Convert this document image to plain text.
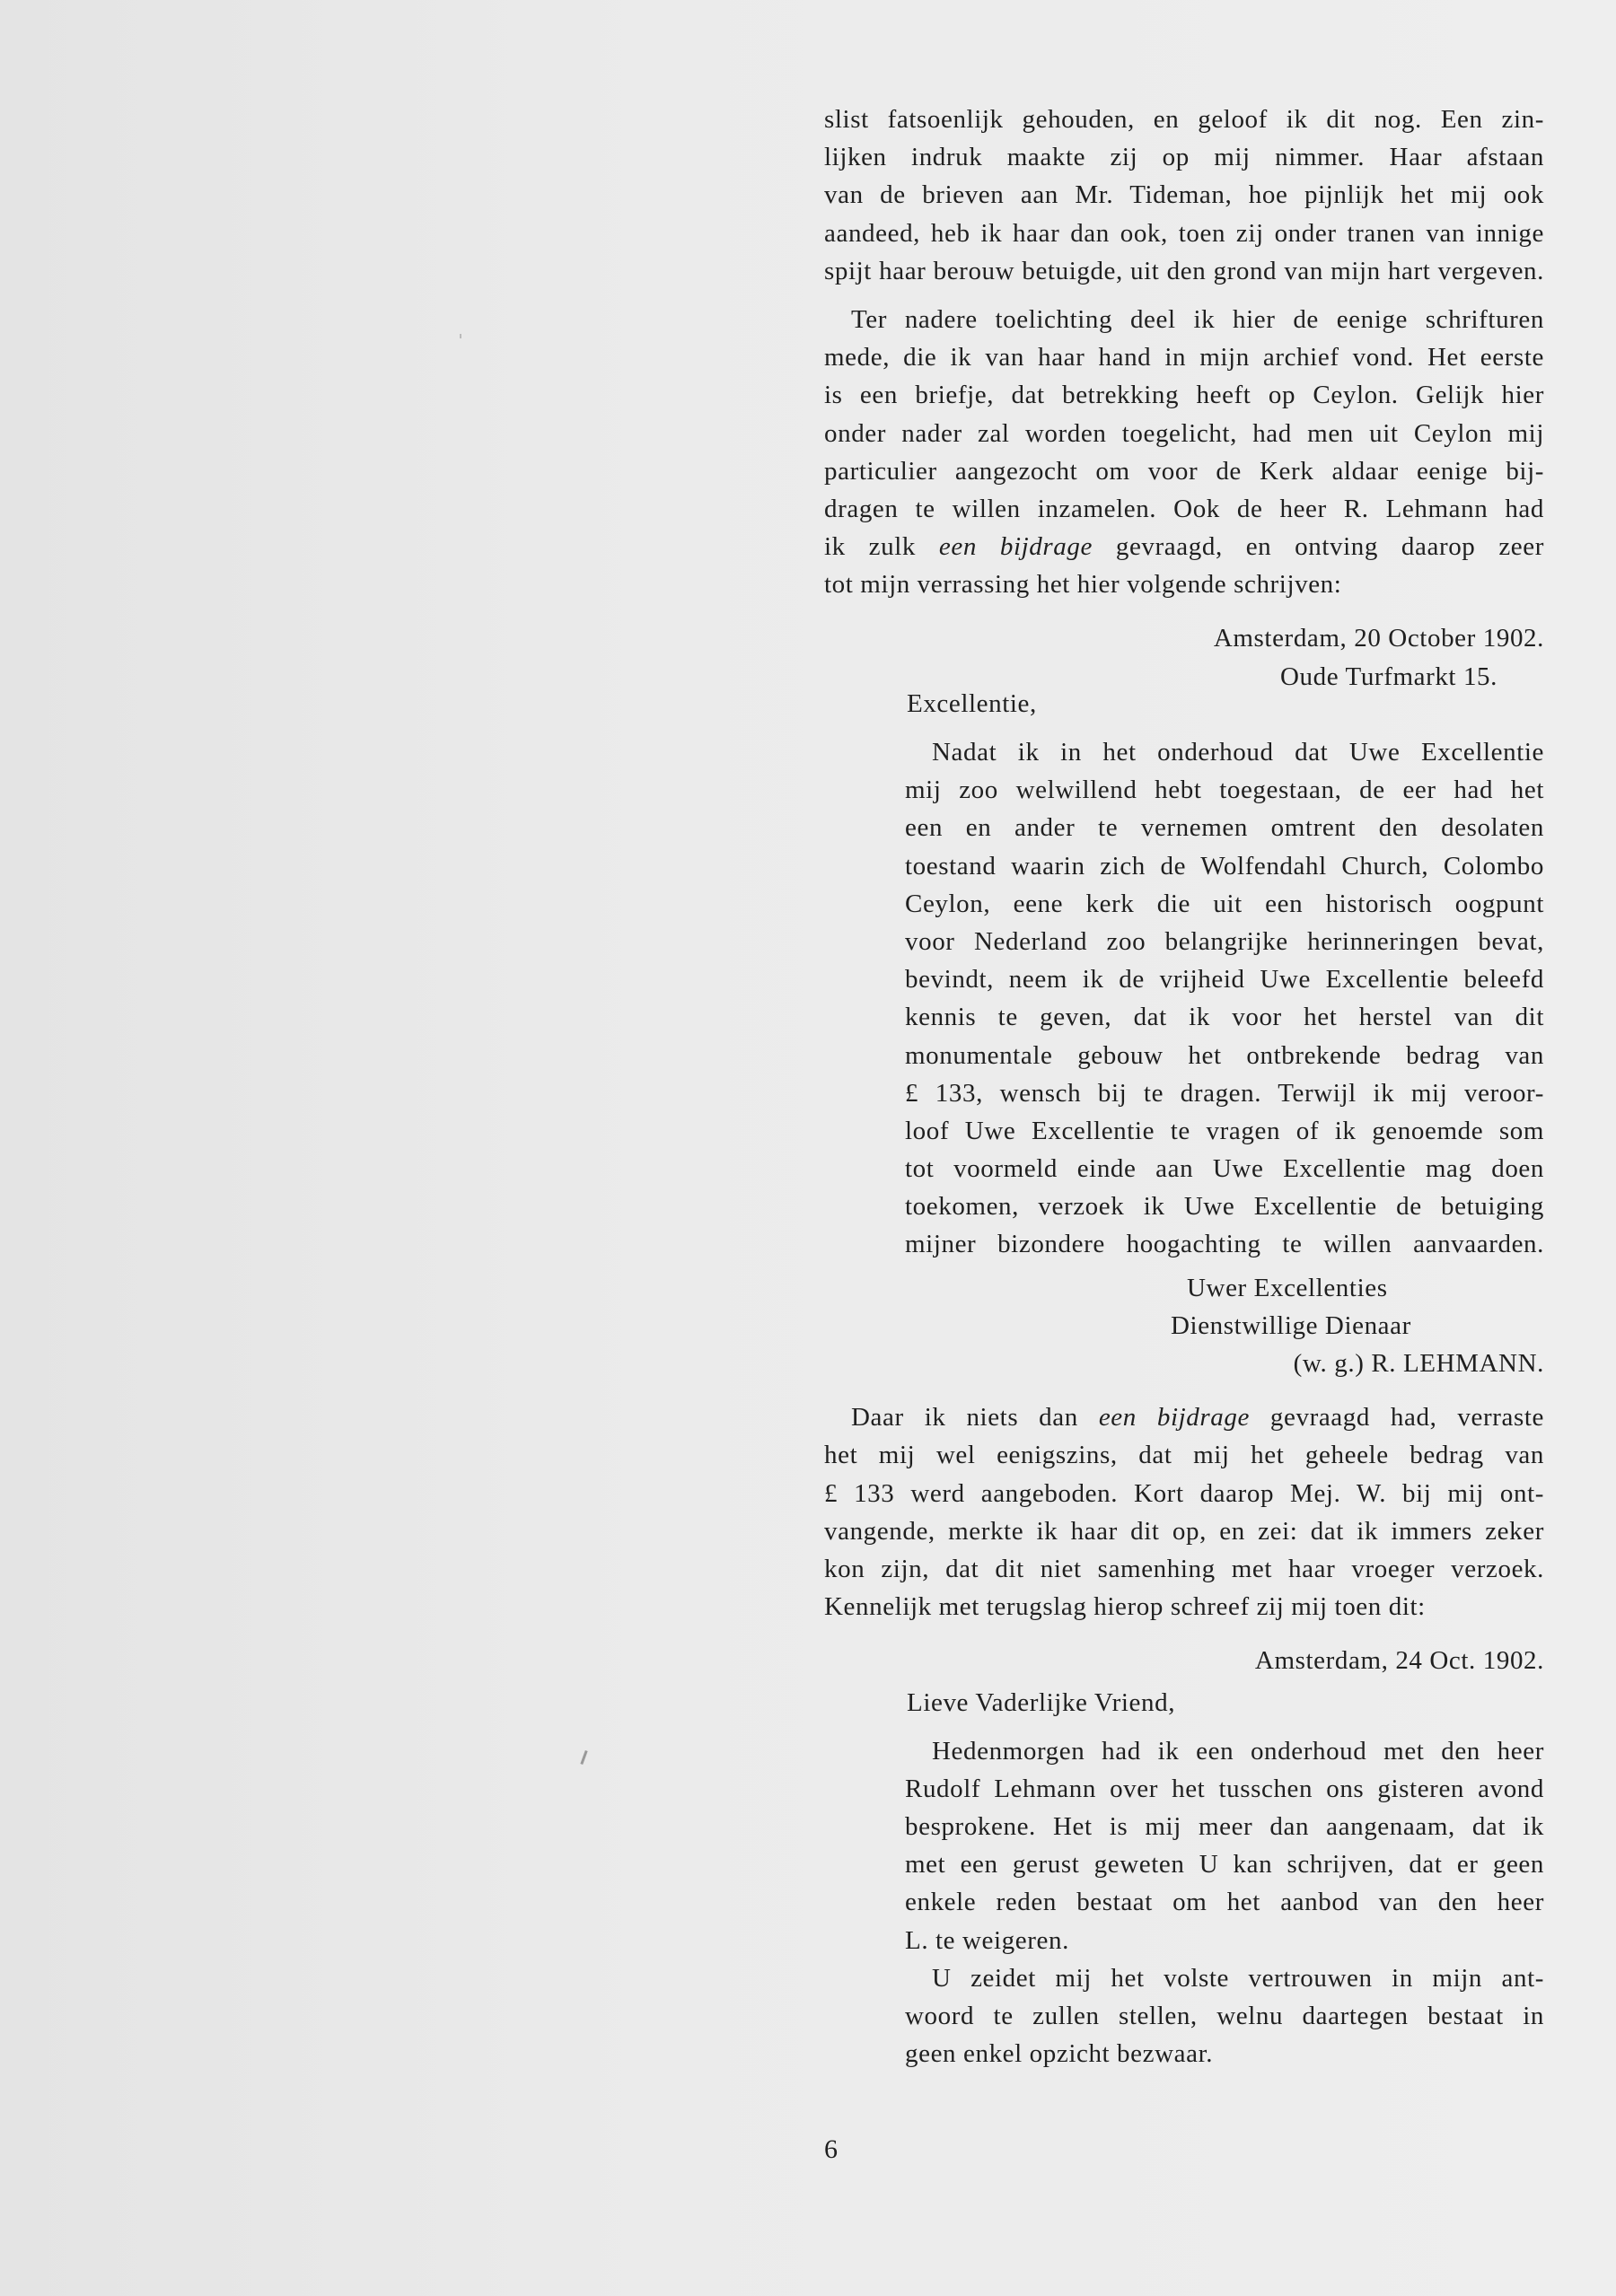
slist fatsoenlijk gehouden, en geloof ik dit nog. Een zin-
lijken indruk maakte zij op mij nimmer. Haar afstaan
van de brieven aan Mr. Tideman, hoe pijnlijk het mij ook
aandeed, heb ik haar dan ook, toen zij onder tranen van innige
spijt haar berouw betuigde, uit den grond van mijn hart vergeven.

Ter nadere toelichting deel ik hier de eenige schrifturen
mede, die ik van haar hand in mijn archief vond. Het eerste
is een briefje, dat betrekking heeft op Ceylon. Gelijk hier
onder nader zal worden toegelicht, had men uit Ceylon mij
particulier aangezocht om voor de Kerk aldaar eenige bij-
dragen te willen inzamelen. Ook de heer R. Lehmann had
ik zulk een bijdrage gevraagd, en ontving daarop zeer
tot mijn verrassing het hier volgende schrijven:

Amsterdam, 20 October 1902.
Oude Turfmarkt 15.
Excellentie,

Nadat ik in het onderhoud dat Uwe Excellentie
mij zoo welwillend hebt toegestaan, de eer had het
een en ander te vernemen omtrent den desolaten
toestand waarin zich de Wolfendahl Church, Colombo
Ceylon, eene kerk die uit een historisch oogpunt
voor Nederland zoo belangrijke herinneringen bevat,
bevindt, neem ik de vrijheid Uwe Excellentie beleefd
kennis te geven, dat ik voor het herstel van dit
monumentale gebouw het ontbrekende bedrag van
£ 133, wensch bij te dragen. Terwijl ik mij veroor-
loof Uwe Excellentie te vragen of ik genoemde som
tot voormeld einde aan Uwe Excellentie mag doen
toekomen, verzoek ik Uwe Excellentie de betuiging
mijner bizondere hoogachting te willen aanvaarden.

Uwer Excellenties
Dienstwillige Dienaar
(w. g.) R. LEHMANN.

Daar ik niets dan een bijdrage gevraagd had, verraste
het mij wel eenigszins, dat mij het geheele bedrag van
£ 133 werd aangeboden. Kort daarop Mej. W. bij mij ont-
vangende, merkte ik haar dit op, en zei: dat ik immers zeker
kon zijn, dat dit niet samenhing met haar vroeger verzoek.
Kennelijk met terugslag hierop schreef zij mij toen dit:

Amsterdam, 24 Oct. 1902.
Lieve Vaderlijke Vriend,

Hedenmorgen had ik een onderhoud met den heer
Rudolf Lehmann over het tusschen ons gisteren avond
besprokene. Het is mij meer dan aangenaam, dat ik
met een gerust geweten U kan schrijven, dat er geen
enkele reden bestaat om het aanbod van den heer
L. te weigeren.
U zeidet mij het volste vertrouwen in mijn ant-
woord te zullen stellen, welnu daartegen bestaat in
geen enkel opzicht bezwaar.

6
